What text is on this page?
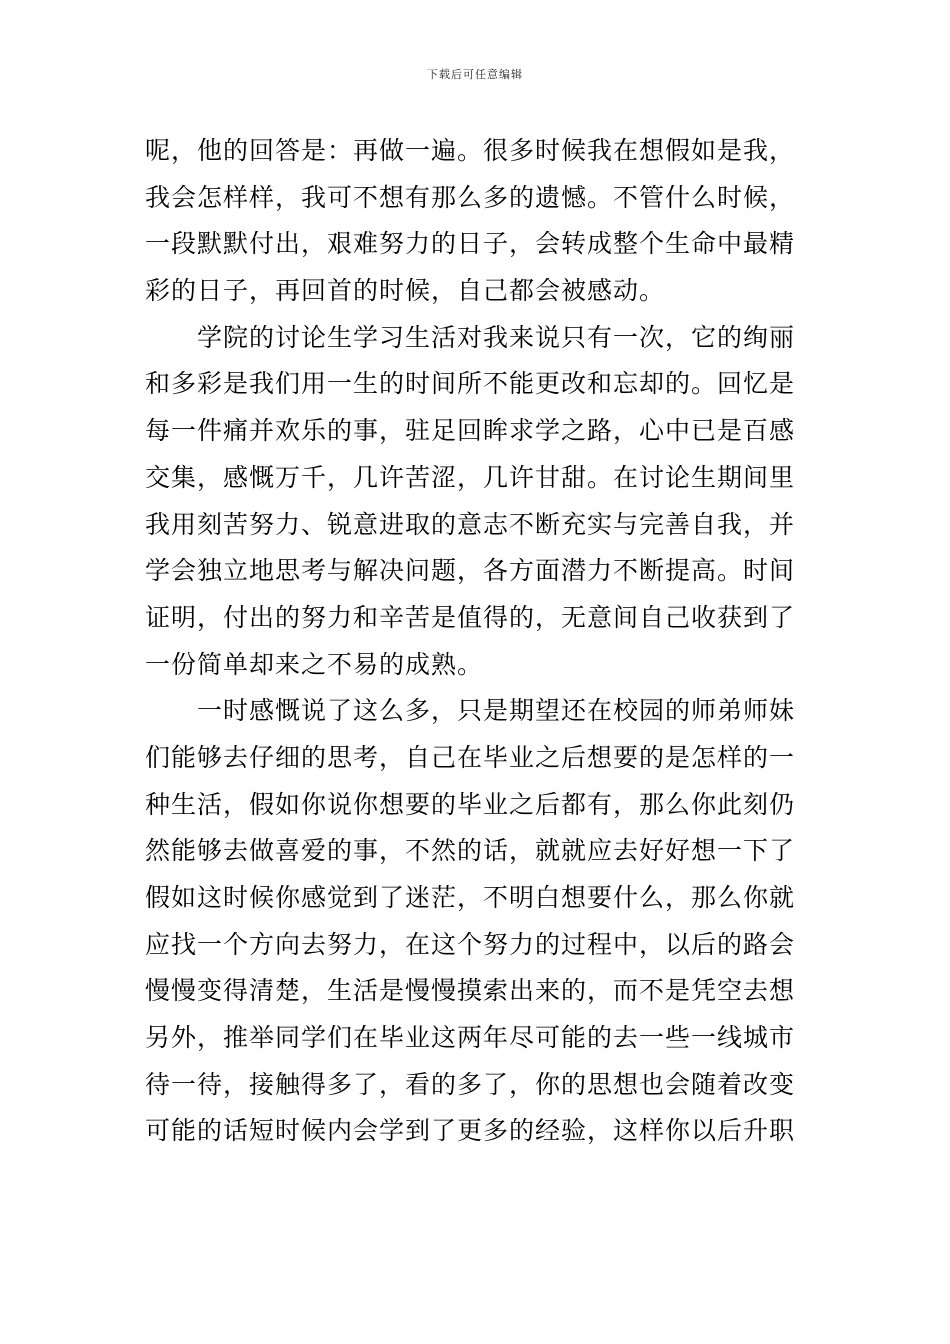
下载后可任意编辑
呢，他的回答是：再做一遍。很多时候我在想假如是我，
我会怎样样，我可不想有那么多的遗憾。不管什么时候，
一段默默付出，艰难努力的日子，会转成整个生命中最精
彩的日子，再回首的时候，自己都会被感动。
　　学院的讨论生学习生活对我来说只有一次，它的绚丽
和多彩是我们用一生的时间所不能更改和忘却的。回忆是
每一件痛并欢乐的事，驻足回眸求学之路，心中已是百感
交集，感慨万千，几许苦涩，几许甘甜。在讨论生期间里
我用刻苦努力、锐意进取的意志不断充实与完善自我，并
学会独立地思考与解决问题，各方面潜力不断提高。时间
证明，付出的努力和辛苦是值得的，无意间自己收获到了
一份简单却来之不易的成熟。
　　一时感慨说了这么多，只是期望还在校园的师弟师妹
们能够去仔细的思考，自己在毕业之后想要的是怎样的一
种生活，假如你说你想要的毕业之后都有，那么你此刻仍
然能够去做喜爱的事，不然的话，就就应去好好想一下了
假如这时候你感觉到了迷茫，不明白想要什么，那么你就
应找一个方向去努力，在这个努力的过程中，以后的路会
慢慢变得清楚，生活是慢慢摸索出来的，而不是凭空去想
另外，推举同学们在毕业这两年尽可能的去一些一线城市
待一待，接触得多了，看的多了，你的思想也会随着改变
可能的话短时候内会学到了更多的经验，这样你以后升职
